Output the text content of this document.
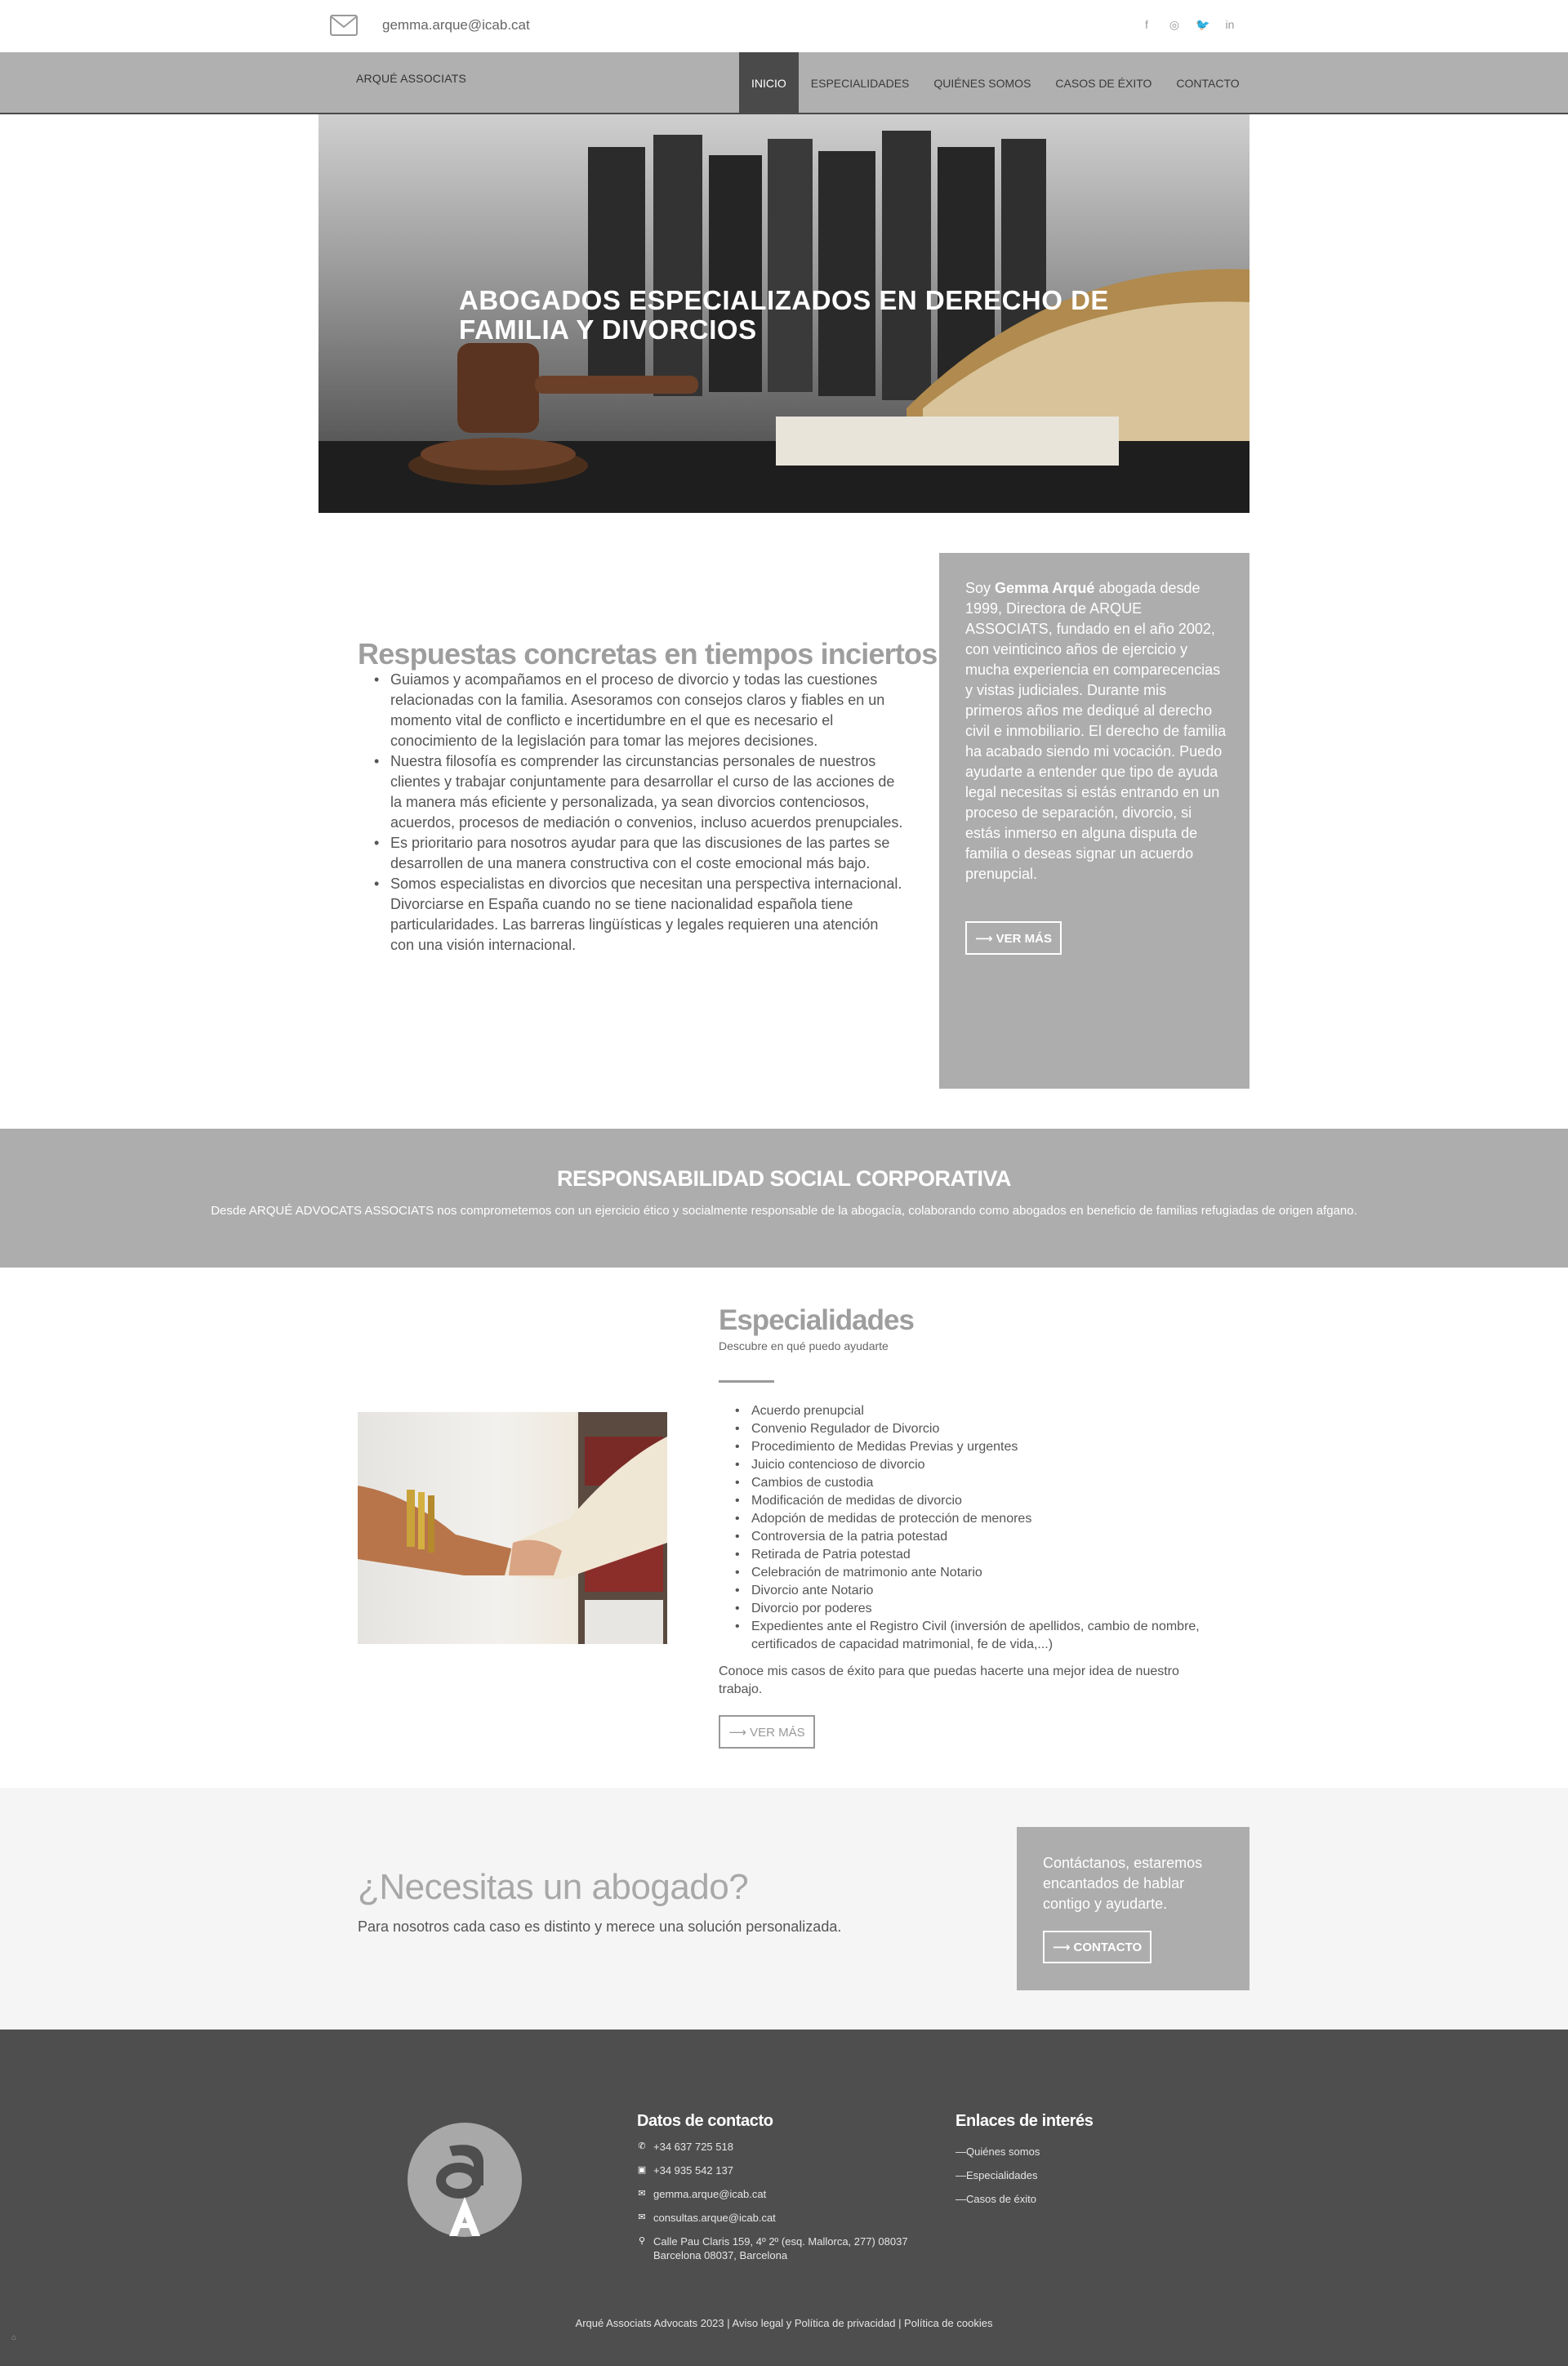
gemma.arque@icab.cat	f	◎ 🐦 in
ARQUÉ ASSOCIATS	INICIO	ESPECIALIDADES	QUIÉNES SOMOS	CASOS DE ÉXITO	CONTACTO
ABOGADOS ESPECIALIZADOS EN DERECHO DE FAMILIA Y DIVORCIOS
Respuestas concretas en tiempos inciertos
• Guiamos y acompañamos en el proceso de divorcio y todas las cuestiones relacionadas con la familia. Asesoramos con consejos claros y fiables en un momento vital de conflicto e incertidumbre en el que es necesario el conocimiento de la legislación para tomar las mejores decisiones.
• Nuestra filosofía es comprender las circunstancias personales de nuestros clientes y trabajar conjuntamente para desarrollar el curso de las acciones de la manera más eficiente y personalizada, ya sean divorcios contenciosos, acuerdos, procesos de mediación o convenios, incluso acuerdos prenupciales.
• Es prioritario para nosotros ayudar para que las discusiones de las partes se desarrollen de una manera constructiva con el coste emocional más bajo.
• Somos especialistas en divorcios que necesitan una perspectiva internacional. Divorciarse en España cuando no se tiene nacionalidad española tiene particularidades. Las barreras lingüísticas y legales requieren una atención con una visión internacional.
Soy Gemma Arqué abogada desde 1999, Directora de ARQUE ASSOCIATS, fundado en el año 2002, con veinticinco años de ejercicio y mucha experiencia en comparecencias y vistas judiciales. Durante mis primeros años me dediqué al derecho civil e inmobiliario. El derecho de familia ha acabado siendo mi vocación. Puedo ayudarte a entender que tipo de ayuda legal necesitas si estás entrando en un proceso de separación, divorcio, si estás inmerso en alguna disputa de familia o deseas signar un acuerdo prenupcial.
⟶ VER MÁS
RESPONSABILIDAD SOCIAL CORPORATIVA
Desde ARQUÉ ADVOCATS ASSOCIATS nos comprometemos con un ejercicio ético y socialmente responsable de la abogacía, colaborando como abogados en beneficio de familias refugiadas de origen afgano.
Especialidades
Descubre en qué puedo ayudarte
• Acuerdo prenupcial
• Convenio Regulador de Divorcio
• Procedimiento de Medidas Previas y urgentes
• Juicio contencioso de divorcio
• Cambios de custodia
• Modificación de medidas de divorcio
• Adopción de medidas de protección de menores
• Controversia de la patria potestad
• Retirada de Patria potestad
• Celebración de matrimonio ante Notario
• Divorcio ante Notario
• Divorcio por poderes
• Expedientes ante el Registro Civil (inversión de apellidos, cambio de nombre, certificados de capacidad matrimonial, fe de vida,...)
Conoce mis casos de éxito para que puedas hacerte una mejor idea de nuestro trabajo.
⟶ VER MÁS
¿Necesitas un abogado?
Para nosotros cada caso es distinto y merece una solución personalizada.
Contáctanos, estaremos encantados de hablar contigo y ayudarte.
⟶ CONTACTO
Datos de contacto
✆ +34 637 725 518
▣ +34 935 542 137
✉ gemma.arque@icab.cat
✉ consultas.arque@icab.cat
⚲ Calle Pau Claris 159, 4º 2º (esq. Mallorca, 277) 08037 Barcelona 08037, Barcelona
Enlaces de interés
—Quiénes somos
—Especialidades
—Casos de éxito
Arqué Associats Advocats 2023 | Aviso legal y Política de privacidad | Política de cookies
⌂
